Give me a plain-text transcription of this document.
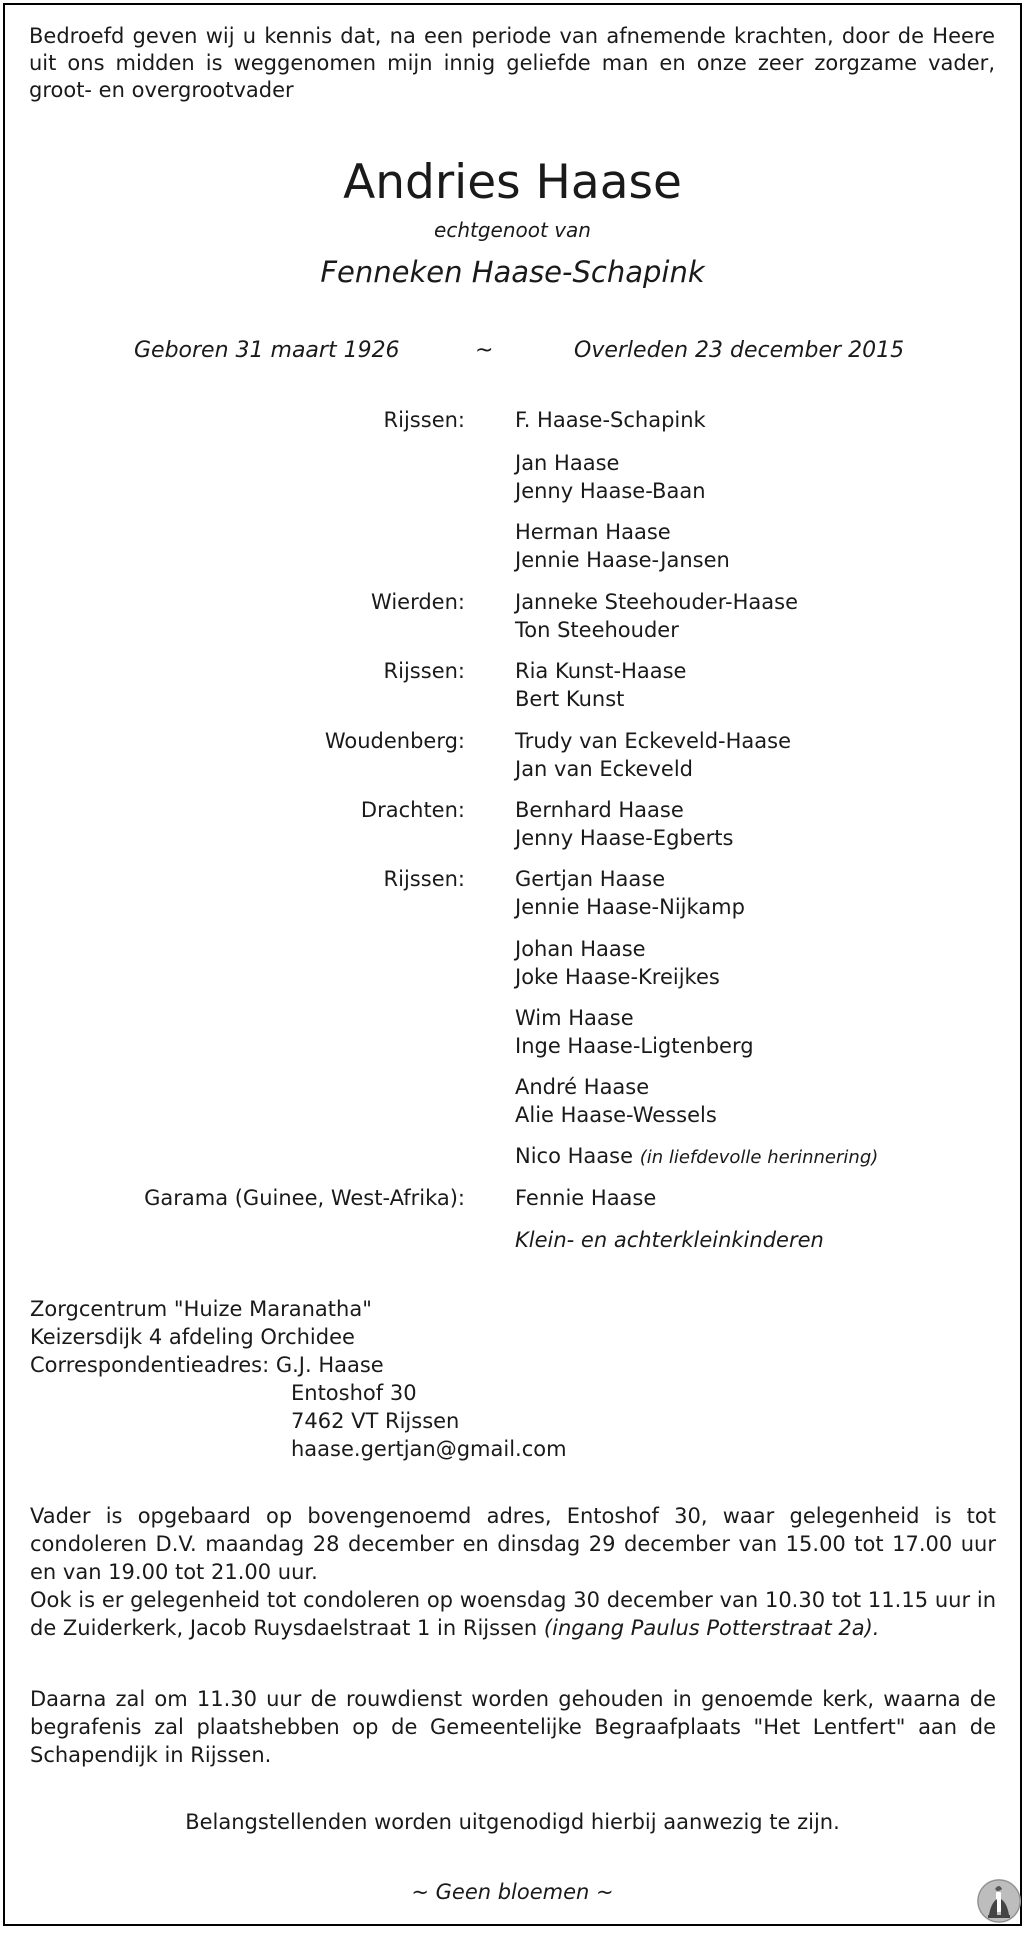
Bedroefd geven wij u kennis dat, na een periode van afnemende krachten, door de Heere uit ons midden is weggenomen mijn innig geliefde man en onze zeer zorgzame vader, groot- en overgrootvader
Andries Haase
echtgenoot van
Fenneken Haase-Schapink
Geboren 31 maart 1926	~	Overleden 23 december 2015
Rijssen: F. Haase-Schapink
Jan Haase
Jenny Haase-Baan
Herman Haase
Jennie Haase-Jansen
Wierden: Janneke Steehouder-Haase
Ton Steehouder
Rijssen: Ria Kunst-Haase
Bert Kunst
Woudenberg: Trudy van Eckeveld-Haase
Jan van Eckeveld
Drachten: Bernhard Haase
Jenny Haase-Egberts
Rijssen: Gertjan Haase
Jennie Haase-Nijkamp
Johan Haase
Joke Haase-Kreijkes
Wim Haase
Inge Haase-Ligtenberg
André Haase
Alie Haase-Wessels
Nico Haase (in liefdevolle herinnering)
Garama (Guinee, West-Afrika): Fennie Haase
Klein- en achterkleinkinderen
Zorgcentrum "Huize Maranatha"
Keizersdijk 4 afdeling Orchidee
Correspondentieadres: G.J. Haase
Entoshof 30
7462 VT Rijssen
haase.gertjan@gmail.com
Vader is opgebaard op bovengenoemd adres, Entoshof 30, waar gelegenheid is tot condoleren D.V. maandag 28 december en dinsdag 29 december van 15.00 tot 17.00 uur en van 19.00 tot 21.00 uur.
Ook is er gelegenheid tot condoleren op woensdag 30 december van 10.30 tot 11.15 uur in de Zuiderkerk, Jacob Ruysdaelstraat 1 in Rijssen (ingang Paulus Potterstraat 2a).
Daarna zal om 11.30 uur de rouwdienst worden gehouden in genoemde kerk, waarna de begrafenis zal plaatshebben op de Gemeentelijke Begraafplaats "Het Lentfert" aan de Schapendijk in Rijssen.
Belangstellenden worden uitgenodigd hierbij aanwezig te zijn.
~ Geen bloemen ~
